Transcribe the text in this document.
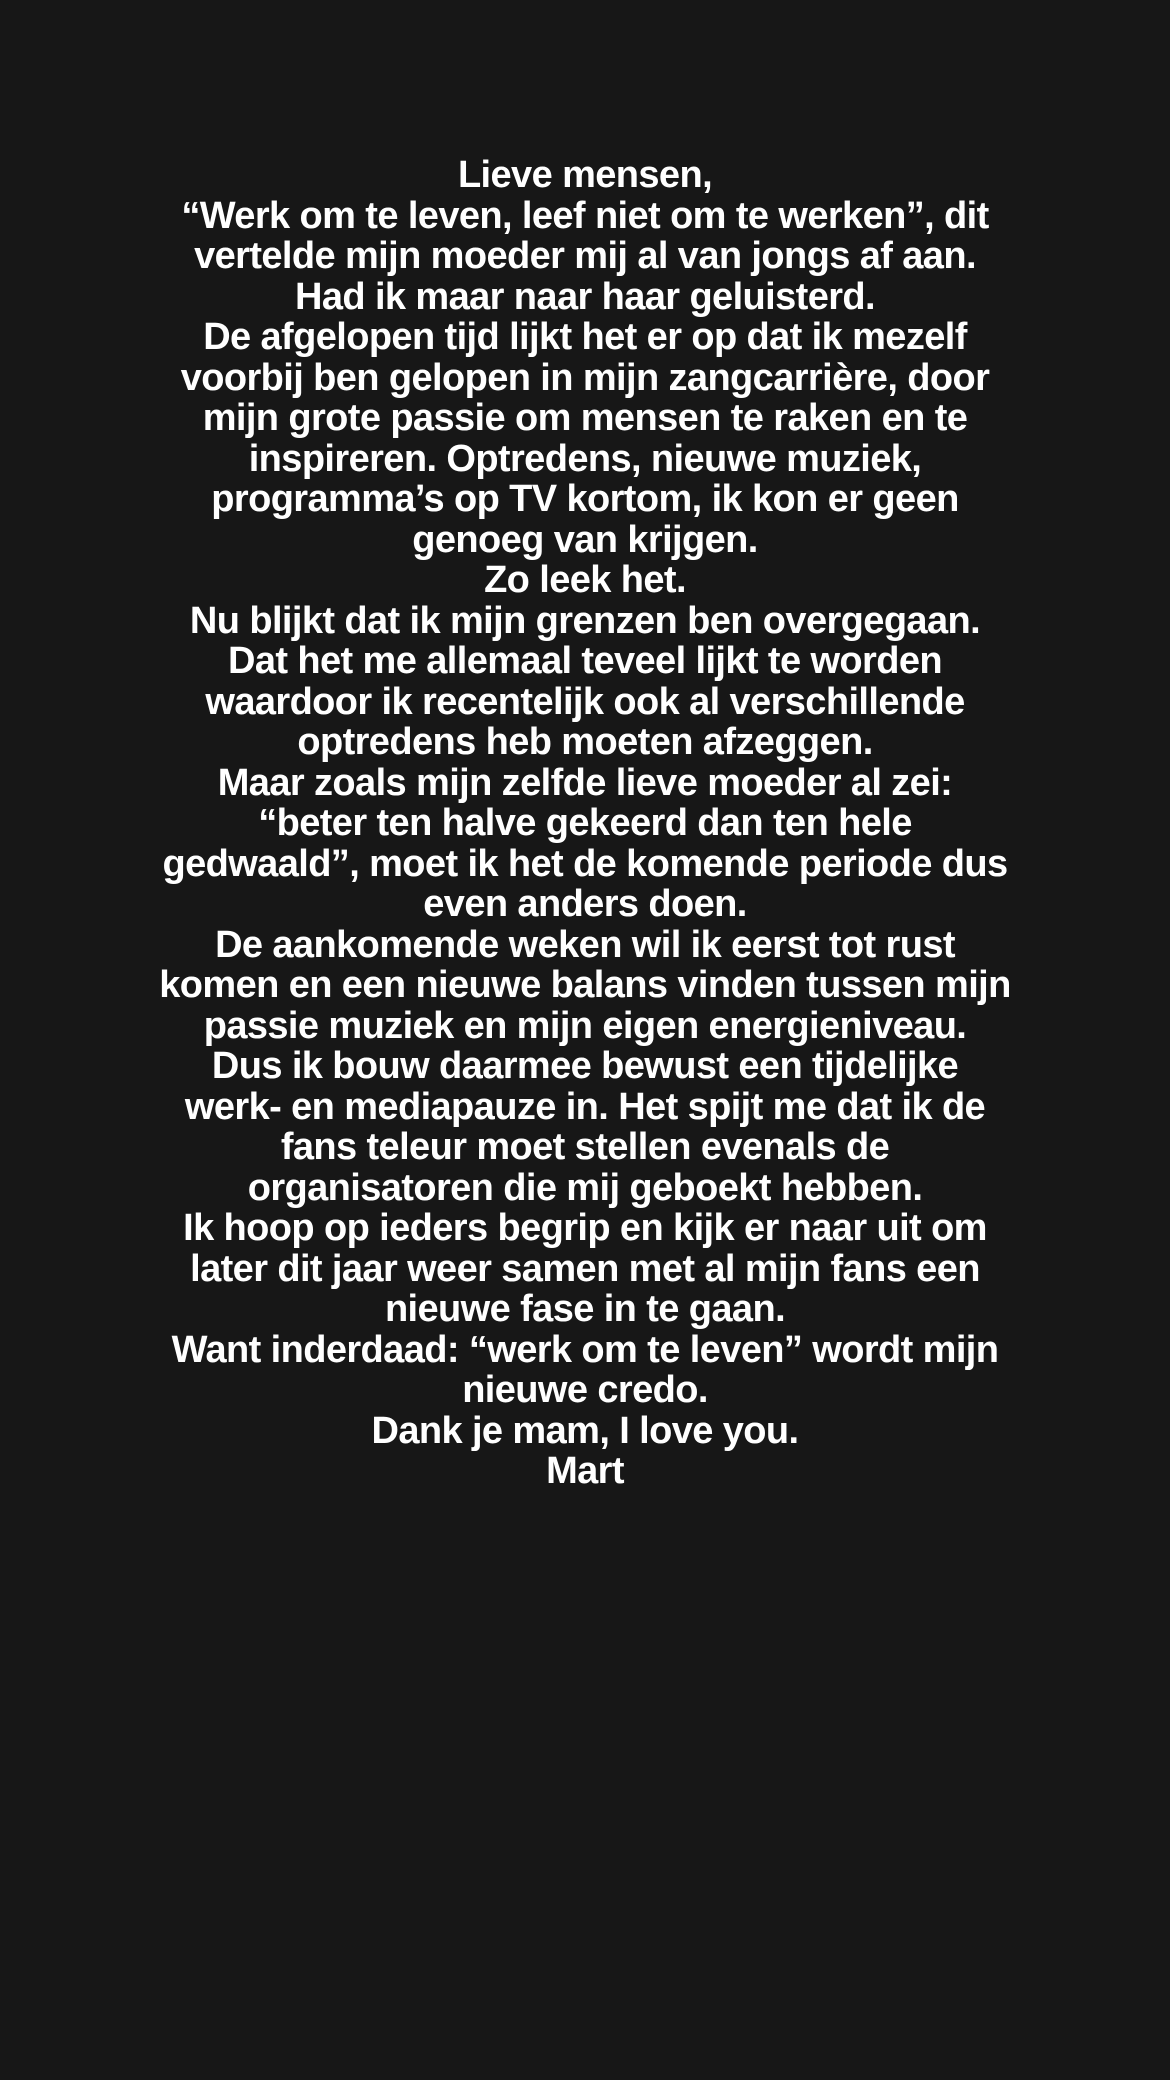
Lieve mensen,
“Werk om te leven, leef niet om te werken”, dit
vertelde mijn moeder mij al van jongs af aan.
Had ik maar naar haar geluisterd.
De afgelopen tijd lijkt het er op dat ik mezelf
voorbij ben gelopen in mijn zangcarrière, door
mijn grote passie om mensen te raken en te
inspireren. Optredens, nieuwe muziek,
programma’s op TV kortom, ik kon er geen
genoeg van krijgen.
Zo leek het.
Nu blijkt dat ik mijn grenzen ben overgegaan.
Dat het me allemaal teveel lijkt te worden
waardoor ik recentelijk ook al verschillende
optredens heb moeten afzeggen.
Maar zoals mijn zelfde lieve moeder al zei:
“beter ten halve gekeerd dan ten hele
gedwaald”, moet ik het de komende periode dus
even anders doen.
De aankomende weken wil ik eerst tot rust
komen en een nieuwe balans vinden tussen mijn
passie muziek en mijn eigen energieniveau.
Dus ik bouw daarmee bewust een tijdelijke
werk- en mediapauze in. Het spijt me dat ik de
fans teleur moet stellen evenals de
organisatoren die mij geboekt hebben.
Ik hoop op ieders begrip en kijk er naar uit om
later dit jaar weer samen met al mijn fans een
nieuwe fase in te gaan.
Want inderdaad: “werk om te leven” wordt mijn
nieuwe credo.
Dank je mam, I love you.
Mart
